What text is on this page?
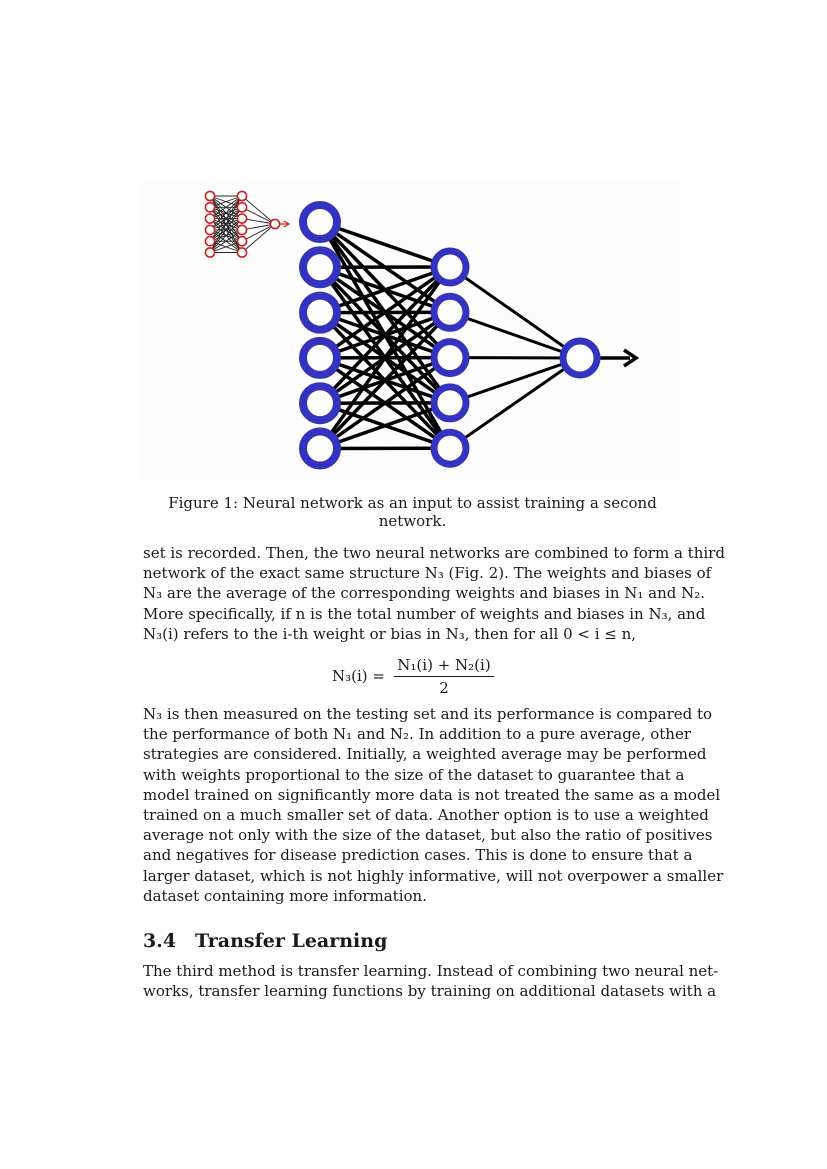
Figure 1: Neural network as an input to assist training a second network.
set is recorded. Then, the two neural networks are combined to form a third
network of the exact same structure N₃ (Fig. 2). The weights and biases of
N₃ are the average of the corresponding weights and biases in N₁ and N₂.
More specifically, if n is the total number of weights and biases in N₃, and
N₃(i) refers to the i-th weight or bias in N₃, then for all 0 < i ≤ n,
$N_3(i) = \frac{\text{N₁(i) + N₂(i)}}{2}$
N₃ is then measured on the testing set and its performance is compared to
the performance of both N₁ and N₂. In addition to a pure average, other
strategies are considered. Initially, a weighted average may be performed
with weights proportional to the size of the dataset to guarantee that a
model trained on significantly more data is not treated the same as a model
trained on a much smaller set of data. Another option is to use a weighted
average not only with the size of the dataset, but also the ratio of positives
and negatives for disease prediction cases. This is done to ensure that a
larger dataset, which is not highly informative, will not overpower a smaller
dataset containing more information.
3.4 Transfer Learning
The third method is transfer learning. Instead of combining two neural net-
works, transfer learning functions by training on additional datasets with a
